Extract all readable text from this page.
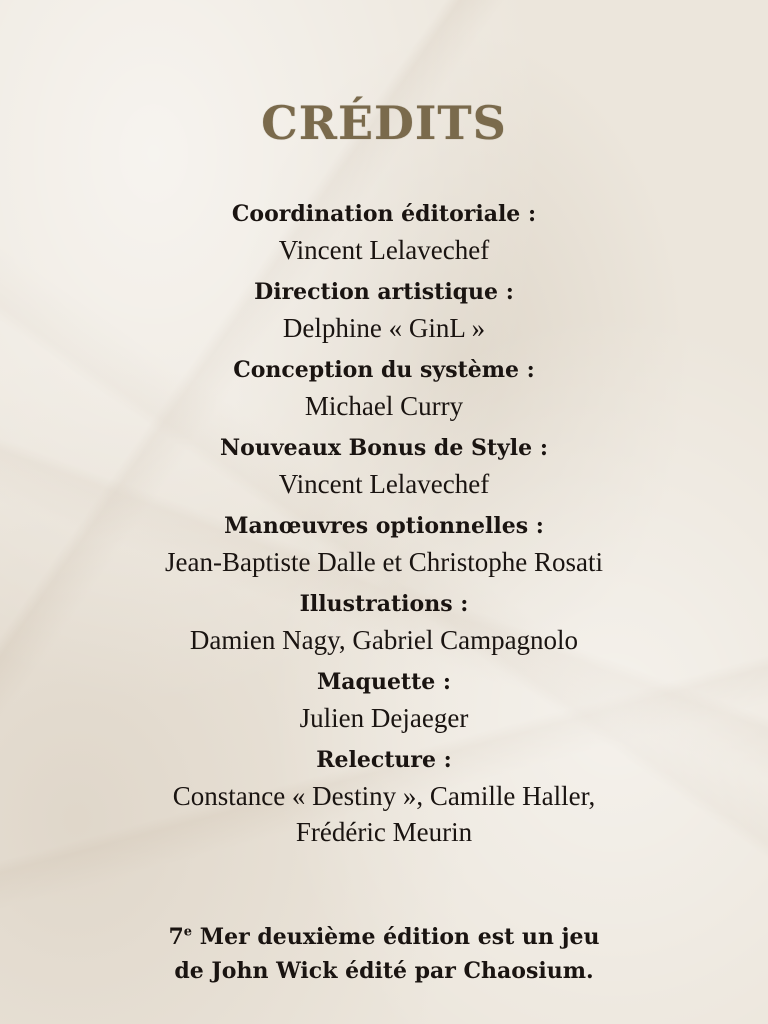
CRÉDITS
Coordination éditoriale :
Vincent Lelavechef
Direction artistique :
Delphine « GinL »
Conception du système :
Michael Curry
Nouveaux Bonus de Style :
Vincent Lelavechef
Manœuvres optionnelles :
Jean-Baptiste Dalle et Christophe Rosati
Illustrations :
Damien Nagy, Gabriel Campagnolo
Maquette :
Julien Dejaeger
Relecture :
Constance « Destiny », Camille Haller,
Frédéric Meurin
7e Mer deuxième édition est un jeu
de John Wick édité par Chaosium.
